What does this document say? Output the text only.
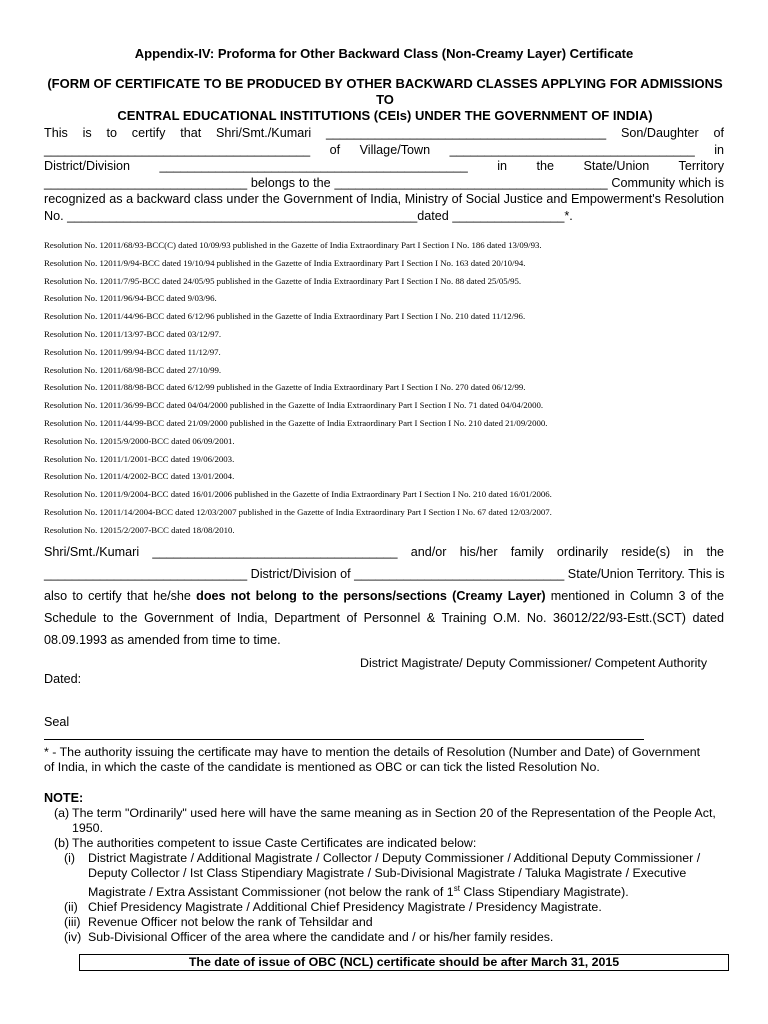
Appendix-IV: Proforma for Other Backward Class (Non-Creamy Layer) Certificate
(FORM OF CERTIFICATE TO BE PRODUCED BY OTHER BACKWARD CLASSES APPLYING FOR ADMISSIONS TO
CENTRAL EDUCATIONAL INSTITUTIONS (CEIs) UNDER THE GOVERNMENT OF INDIA)
This is to certify that Shri/Smt./Kumari ________________________________________ Son/Daughter of
______________________________________ of Village/Town ___________________________________ in
District/Division ____________________________________________ in the State/Union Territory
_____________________________ belongs to the _______________________________________ Community which is
recognized as a backward class under the Government of India, Ministry of Social Justice and Empowerment's Resolution
No. __________________________________________________dated ________________*.
Resolution No. 12011/68/93-BCC(C) dated 10/09/93 published in the Gazette of India Extraordinary Part I Section I No. 186 dated 13/09/93.
Resolution No. 12011/9/94-BCC dated 19/10/94 published in the Gazette of India Extraordinary Part I Section I No. 163 dated 20/10/94.
Resolution No. 12011/7/95-BCC dated 24/05/95 published in the Gazette of India Extraordinary Part I Section I No. 88 dated 25/05/95.
Resolution No. 12011/96/94-BCC dated 9/03/96.
Resolution No. 12011/44/96-BCC dated 6/12/96 published in the Gazette of India Extraordinary Part I Section I No. 210 dated 11/12/96.
Resolution No. 12011/13/97-BCC dated 03/12/97.
Resolution No. 12011/99/94-BCC dated 11/12/97.
Resolution No. 12011/68/98-BCC dated 27/10/99.
Resolution No. 12011/88/98-BCC dated 6/12/99 published in the Gazette of India Extraordinary Part I Section I No. 270 dated 06/12/99.
Resolution No. 12011/36/99-BCC dated 04/04/2000 published in the Gazette of India Extraordinary Part I Section I No. 71 dated 04/04/2000.
Resolution No. 12011/44/99-BCC dated 21/09/2000 published in the Gazette of India Extraordinary Part I Section I No. 210 dated 21/09/2000.
Resolution No. 12015/9/2000-BCC dated 06/09/2001.
Resolution No. 12011/1/2001-BCC dated 19/06/2003.
Resolution No. 12011/4/2002-BCC dated 13/01/2004.
Resolution No. 12011/9/2004-BCC dated 16/01/2006 published in the Gazette of India Extraordinary Part I Section I No. 210 dated 16/01/2006.
Resolution No. 12011/14/2004-BCC dated 12/03/2007 published in the Gazette of India Extraordinary Part I Section I No. 67 dated 12/03/2007.
Resolution No. 12015/2/2007-BCC dated 18/08/2010.
Shri/Smt./Kumari ___________________________________ and/or his/her family ordinarily reside(s) in the
_____________________________ District/Division of ______________________________ State/Union Territory. This is
also to certify that he/she does not belong to the persons/sections (Creamy Layer) mentioned in Column 3 of the
Schedule to the Government of India, Department of Personnel & Training O.M. No. 36012/22/93-Estt.(SCT) dated
08.09.1993 as amended from time to time.
District Magistrate/ Deputy Commissioner/ Competent Authority
Dated:
Seal
* - The authority issuing the certificate may have to mention the details of Resolution (Number and Date) of Government
of India, in which the caste of the candidate is mentioned as OBC or can tick the listed Resolution No.
NOTE:
(a) The term "Ordinarily" used here will have the same meaning as in Section 20 of the Representation of the People Act,
1950.
(b) The authorities competent to issue Caste Certificates are indicated below:
(i) District Magistrate / Additional Magistrate / Collector / Deputy Commissioner / Additional Deputy Commissioner /
Deputy Collector / Ist Class Stipendiary Magistrate / Sub-Divisional Magistrate / Taluka Magistrate / Executive
Magistrate / Extra Assistant Commissioner (not below the rank of 1st Class Stipendiary Magistrate).
(ii) Chief Presidency Magistrate / Additional Chief Presidency Magistrate / Presidency Magistrate.
(iii) Revenue Officer not below the rank of Tehsildar and
(iv) Sub-Divisional Officer of the area where the candidate and / or his/her family resides.
The date of issue of OBC (NCL) certificate should be after March 31, 2015
